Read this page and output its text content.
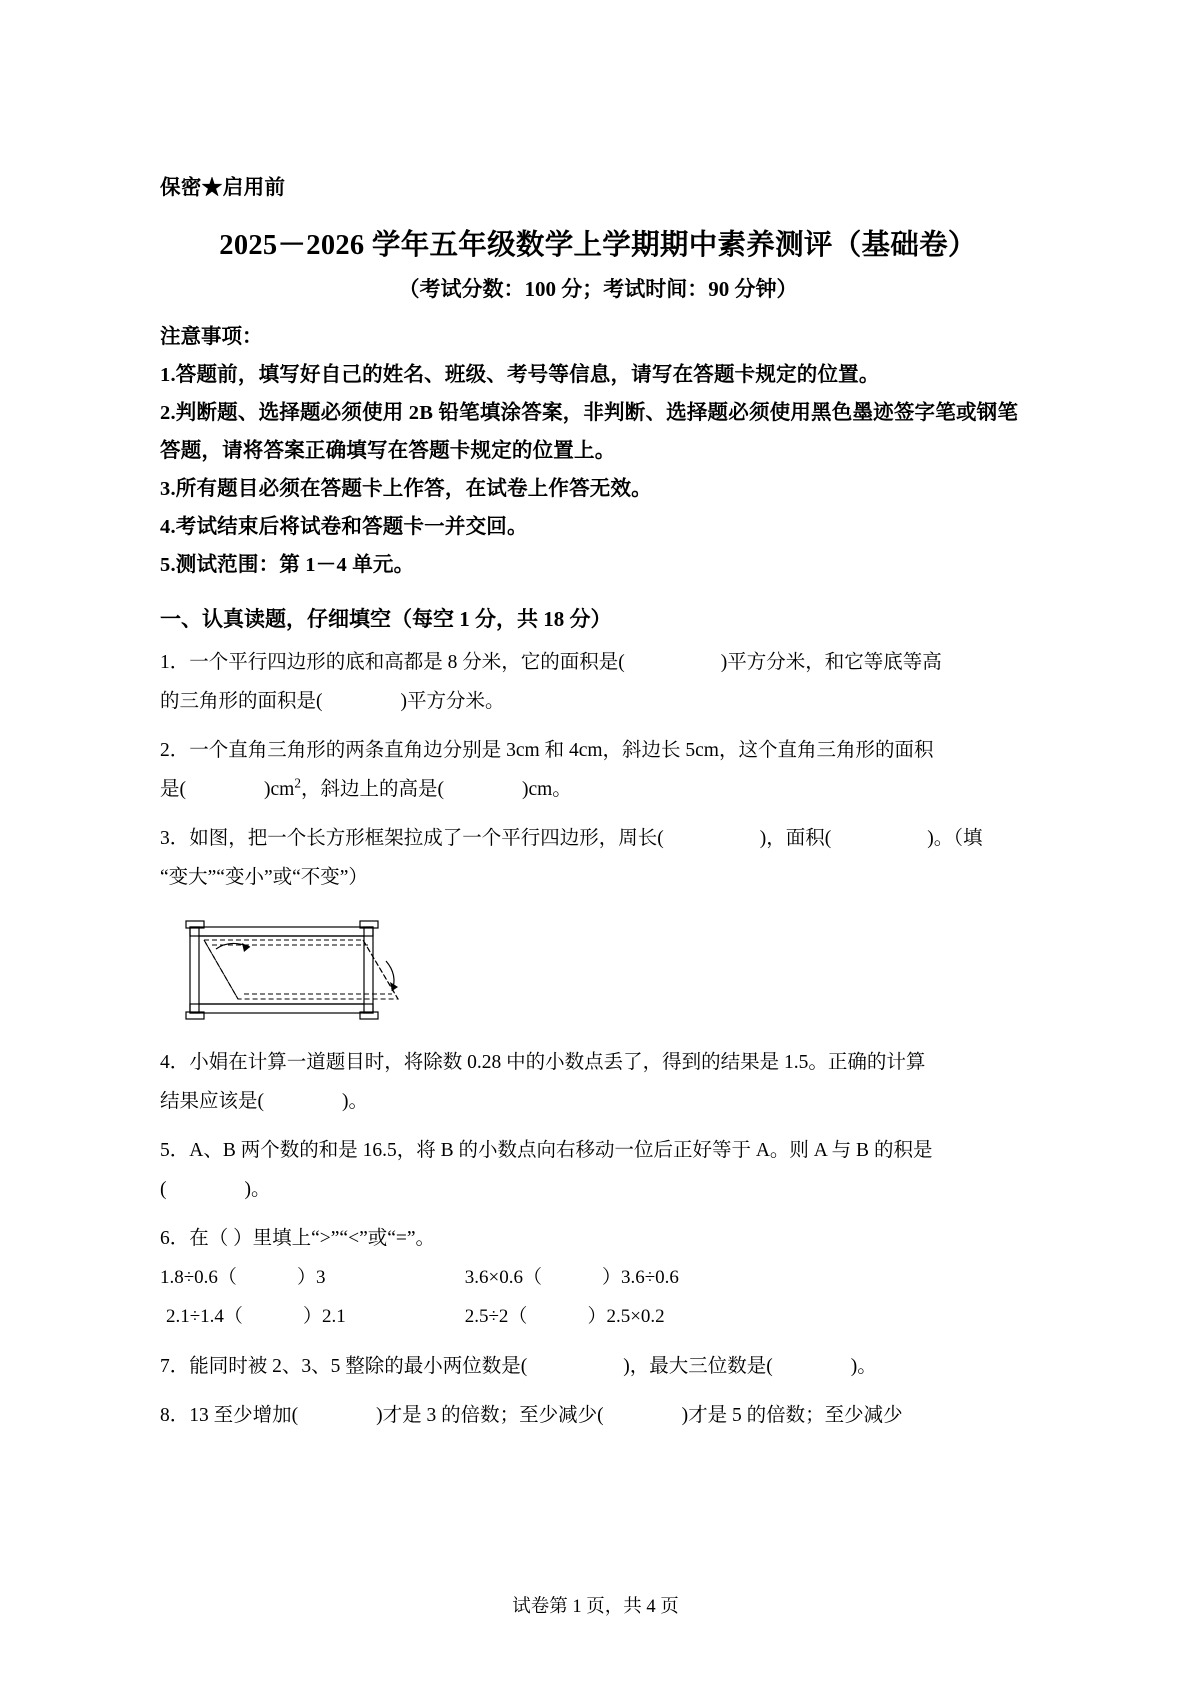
保密★启用前
2025－2026 学年五年级数学上学期期中素养测评（基础卷）
（考试分数：100 分；考试时间：90 分钟）
注意事项：
1.答题前，填写好自己的姓名、班级、考号等信息，请写在答题卡规定的位置。
2.判断题、选择题必须使用 2B 铅笔填涂答案，非判断、选择题必须使用黑色墨迹签字笔或钢笔答题，请将答案正确填写在答题卡规定的位置上。
3.所有题目必须在答题卡上作答，在试卷上作答无效。
4.考试结束后将试卷和答题卡一并交回。
5.测试范围：第 1－4 单元。
一、认真读题，仔细填空（每空 1 分，共 18 分）
1．一个平行四边形的底和高都是 8 分米，它的面积是(	)平方分米，和它等底等高
的三角形的面积是(	)平方分米。
2．一个直角三角形的两条直角边分别是 3cm 和 4cm，斜边长 5cm，这个直角三角形的面积
是(	)$cm^2$，斜边上的高是(	)cm。
3．如图，把一个长方形框架拉成了一个平行四边形，周长(	)，面积(	)。（填
“变大”“变小”或“不变”）
4．小娟在计算一道题目时，将除数 0.28 中的小数点丢了，得到的结果是 1.5。正确的计算
结果应该是(	)。
5．A、B 两个数的和是 16.5，将 B 的小数点向右移动一位后正好等于 A。则 A 与 B 的积是
(	)。
6．在（ ）里填上“>”“<”或“=”。
1.8÷0.6（	）3	3.6×0.6（	）3.6÷0.6
2.1÷1.4（	）2.1	2.5÷2（	）2.5×0.2
7．能同时被 2、3、5 整除的最小两位数是(	)，最大三位数是(	)。
8．13 至少增加(	)才是 3 的倍数；至少减少(	)才是 5 的倍数；至少减少
试卷第 1 页，共 4 页
